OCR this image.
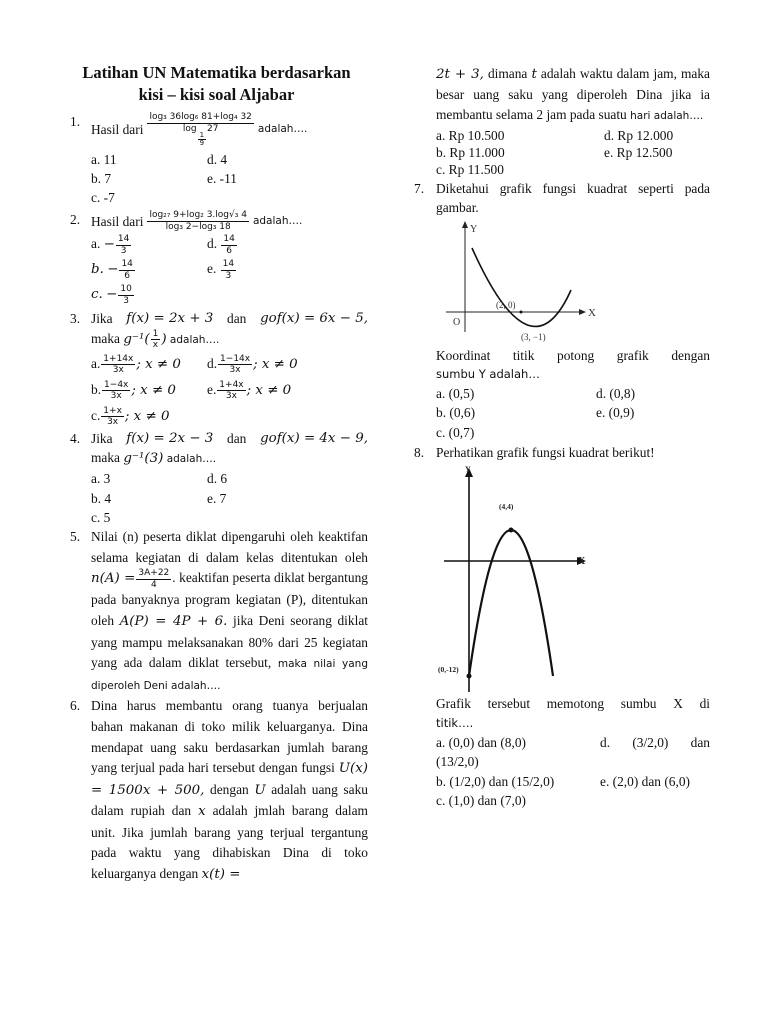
Latihan UN Matematika berdasarkan
kisi – kisi soal Aljabar
1.
Hasil dari log₃ 36log₆ 81+log₄ 32
log
$\frac{1}{9}$
27 adalah….
a. 11	d. 4
b. 7	e. -11
c. -7
2. Hasil dari $\frac{\text{log₂₇ 9+log₂ 3.log√₃ 4}}{\text{log₃ 2−log₃ 18}}$ adalah….
a. − $\frac{14}{3}$	d. $\frac{14}{6}$
b. − $\frac{14}{6}$	e. $\frac{14}{3}$
c. − $\frac{10}{3}$
3. Jika f(x) = 2x + 3 dan gof(x) = 6x − 5,
maka $g^{-1}( \frac{1}{x}$ ) adalah….
a. $\frac{1+14x}{3x}$ ; x ≠ 0	d. $\frac{1-14x}{3x}$ ; x ≠ 0
b. $\frac{1-4x}{3x}$ ; x ≠ 0	e. $\frac{1+4x}{3x}$ ; x ≠ 0
c. $\frac{1+x}{3x}$ ; x ≠ 0
4. Jika f(x) = 2x − 3 dan gof(x) = 4x − 9,
maka g⁻¹(3) adalah….
a. 3	d. 6
b. 4	e. 7
c. 5
5. Nilai (n) peserta diklat dipengaruhi oleh keaktifan selama kegiatan di dalam kelas ditentukan oleh $n(A) = \frac{3A+22}{4}$ . keaktifan peserta diklat bergantung pada banyaknya program kegiatan (P), ditentukan oleh A(P) = 4P + 6. jika Deni seorang diklat yang mampu melaksanakan 80% dari 25 kegiatan yang ada dalam diklat tersebut, maka nilai yang diperoleh Deni adalah….
6. Dina harus membantu orang tuanya berjualan bahan makanan di toko milik keluarganya. Dina mendapat uang saku berdasarkan jumlah barang yang terjual pada hari tersebut dengan fungsi U(x) = 1500x + 500, dengan U adalah uang saku dalam rupiah dan x adalah jmlah barang dalam unit. Jika jumlah barang yang terjual tergantung pada waktu yang dihabiskan Dina di toko keluarganya dengan x(t) =
2t + 3, dimana t adalah waktu dalam jam, maka besar uang saku yang diperoleh Dina jika ia membantu selama 2 jam pada suatu hari adalah….
a. Rp 10.500	d. Rp 12.000
b. Rp 11.000	e. Rp 12.500
c. Rp 11.500
7. Diketahui grafik fungsi kuadrat seperti pada gambar.
Y
X
O
(2, 0)
(3, −1)
Koordinat titik potong grafik dengan
sumbu Y adalah…
a. (0,5)	d. (0,8)
b. (0,6)	e. (0,9)
c. (0,7)
8. Perhatikan grafik fungsi kuadrat berikut!
Y
X
(4,4)
(0,-12)
Grafik tersebut memotong sumbu X di
titik….
a. (0,0) dan (8,0)	d. (3/2,0) dan
(13/2,0)
b. (1/2,0) dan (15/2,0)	e. (2,0) dan (6,0)
c. (1,0) dan (7,0)
